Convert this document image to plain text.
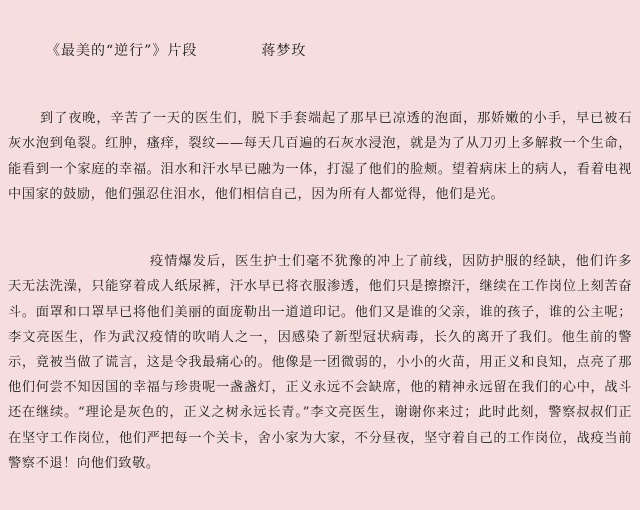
《最美的“逆行”》片段	蒋梦玫

到了夜晚，辛苦了一天的医生们，脱下手套端起了那早已凉透的泡面，那娇嫩的小手，早已被石灰水泡到龟裂。红肿，瘙痒，裂纹——每天几百遍的石灰水浸泡，就是为了从刀刃上多解救一个生命，能看到一个家庭的幸福。泪水和汗水早已融为一体，打湿了他们的脸颊。望着病床上的病人，看着电视中国家的鼓励，他们强忍住泪水，他们相信自己，因为所有人都觉得，他们是光。

疫情爆发后，医生护士们毫不犹豫的冲上了前线，因防护服的经缺，他们许多天无法洗澡，只能穿着成人纸尿裤，汗水早已将衣服渗透，他们只是擦擦汗，继续在工作岗位上刻苦奋斗。面罩和口罩早已将他们美丽的面庞勒出一道道印记。他们又是谁的父亲，谁的孩子，谁的公主呢；李文亮医生，作为武汉疫情的吹哨人之一，因感染了新型冠状病毒，长久的离开了我们。他生前的警示，竟被当做了谎言，这是令我最痛心的。他像是一团微弱的，小小的火苗，用正义和良知，点亮了那他们何尝不知因国的幸福与珍贵呢一盏盏灯，正义永远不会缺席，他的精神永远留在我们的心中，战斗还在继续。“理论是灰色的，正义之树永远长青。”李文亮医生，谢谢你来过；此时此刻，警察叔叔们正在坚守工作岗位，他们严把每一个关卡，舍小家为大家，不分昼夜，坚守着自己的工作岗位，战疫当前警察不退！向他们致敬。
